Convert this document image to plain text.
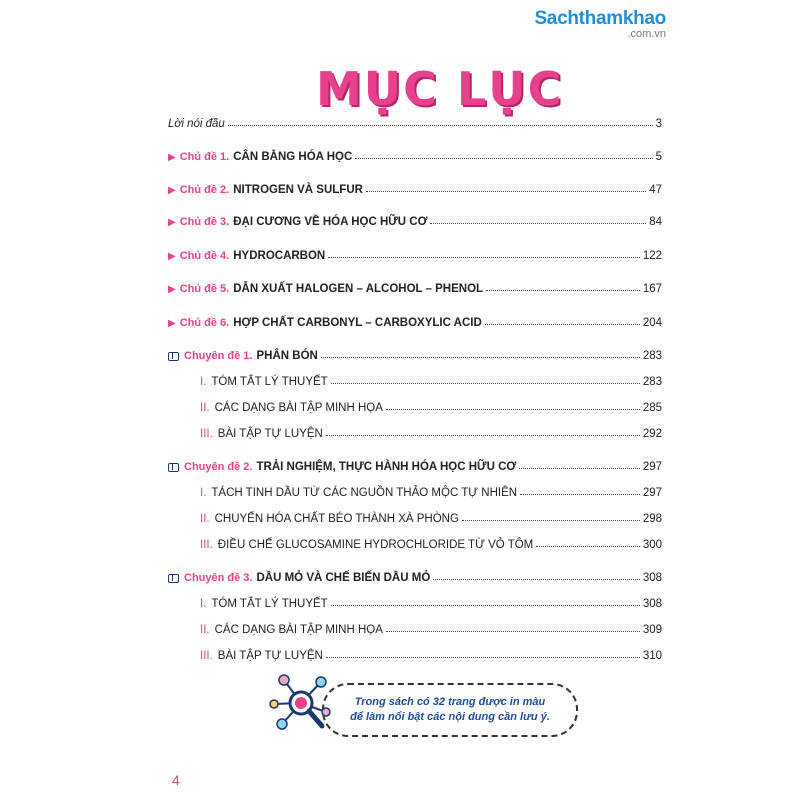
Sachthamkhao
.com.vn
MỤC LỤC
Lời nói đầu	3
▶ Chủ đề 1. CÂN BẰNG HÓA HỌC	5
▶ Chủ đề 2. NITROGEN VÀ SULFUR	47
▶ Chủ đề 3. ĐẠI CƯƠNG VỀ HÓA HỌC HỮU CƠ	84
▶ Chủ đề 4. HYDROCARBON	122
▶ Chủ đề 5. DẪN XUẤT HALOGEN – ALCOHOL – PHENOL	167
▶ Chủ đề 6. HỢP CHẤT CARBONYL – CARBOXYLIC ACID	204
Chuyên đề 1. PHÂN BÓN	283
I. TÓM TẮT LÝ THUYẾT	283
II. CÁC DẠNG BÀI TẬP MINH HỌA	285
III. BÀI TẬP TỰ LUYỆN	292
Chuyên đề 2. TRẢI NGHIỆM, THỰC HÀNH HÓA HỌC HỮU CƠ	297
I. TÁCH TINH DẦU TỪ CÁC NGUỒN THẢO MỘC TỰ NHIÊN	297
II. CHUYỂN HÓA CHẤT BÉO THÀNH XÀ PHÒNG	298
III. ĐIỀU CHẾ GLUCOSAMINE HYDROCHLORIDE TỪ VỎ TÔM	300
Chuyên đề 3. DẦU MỎ VÀ CHẾ BIẾN DẦU MỎ	308
I. TÓM TẮT LÝ THUYẾT	308
II. CÁC DẠNG BÀI TẬP MINH HỌA	309
III. BÀI TẬP TỰ LUYỆN	310
Trong sách có 32 trang được in màu
để làm nổi bật các nội dung cần lưu ý.
4
